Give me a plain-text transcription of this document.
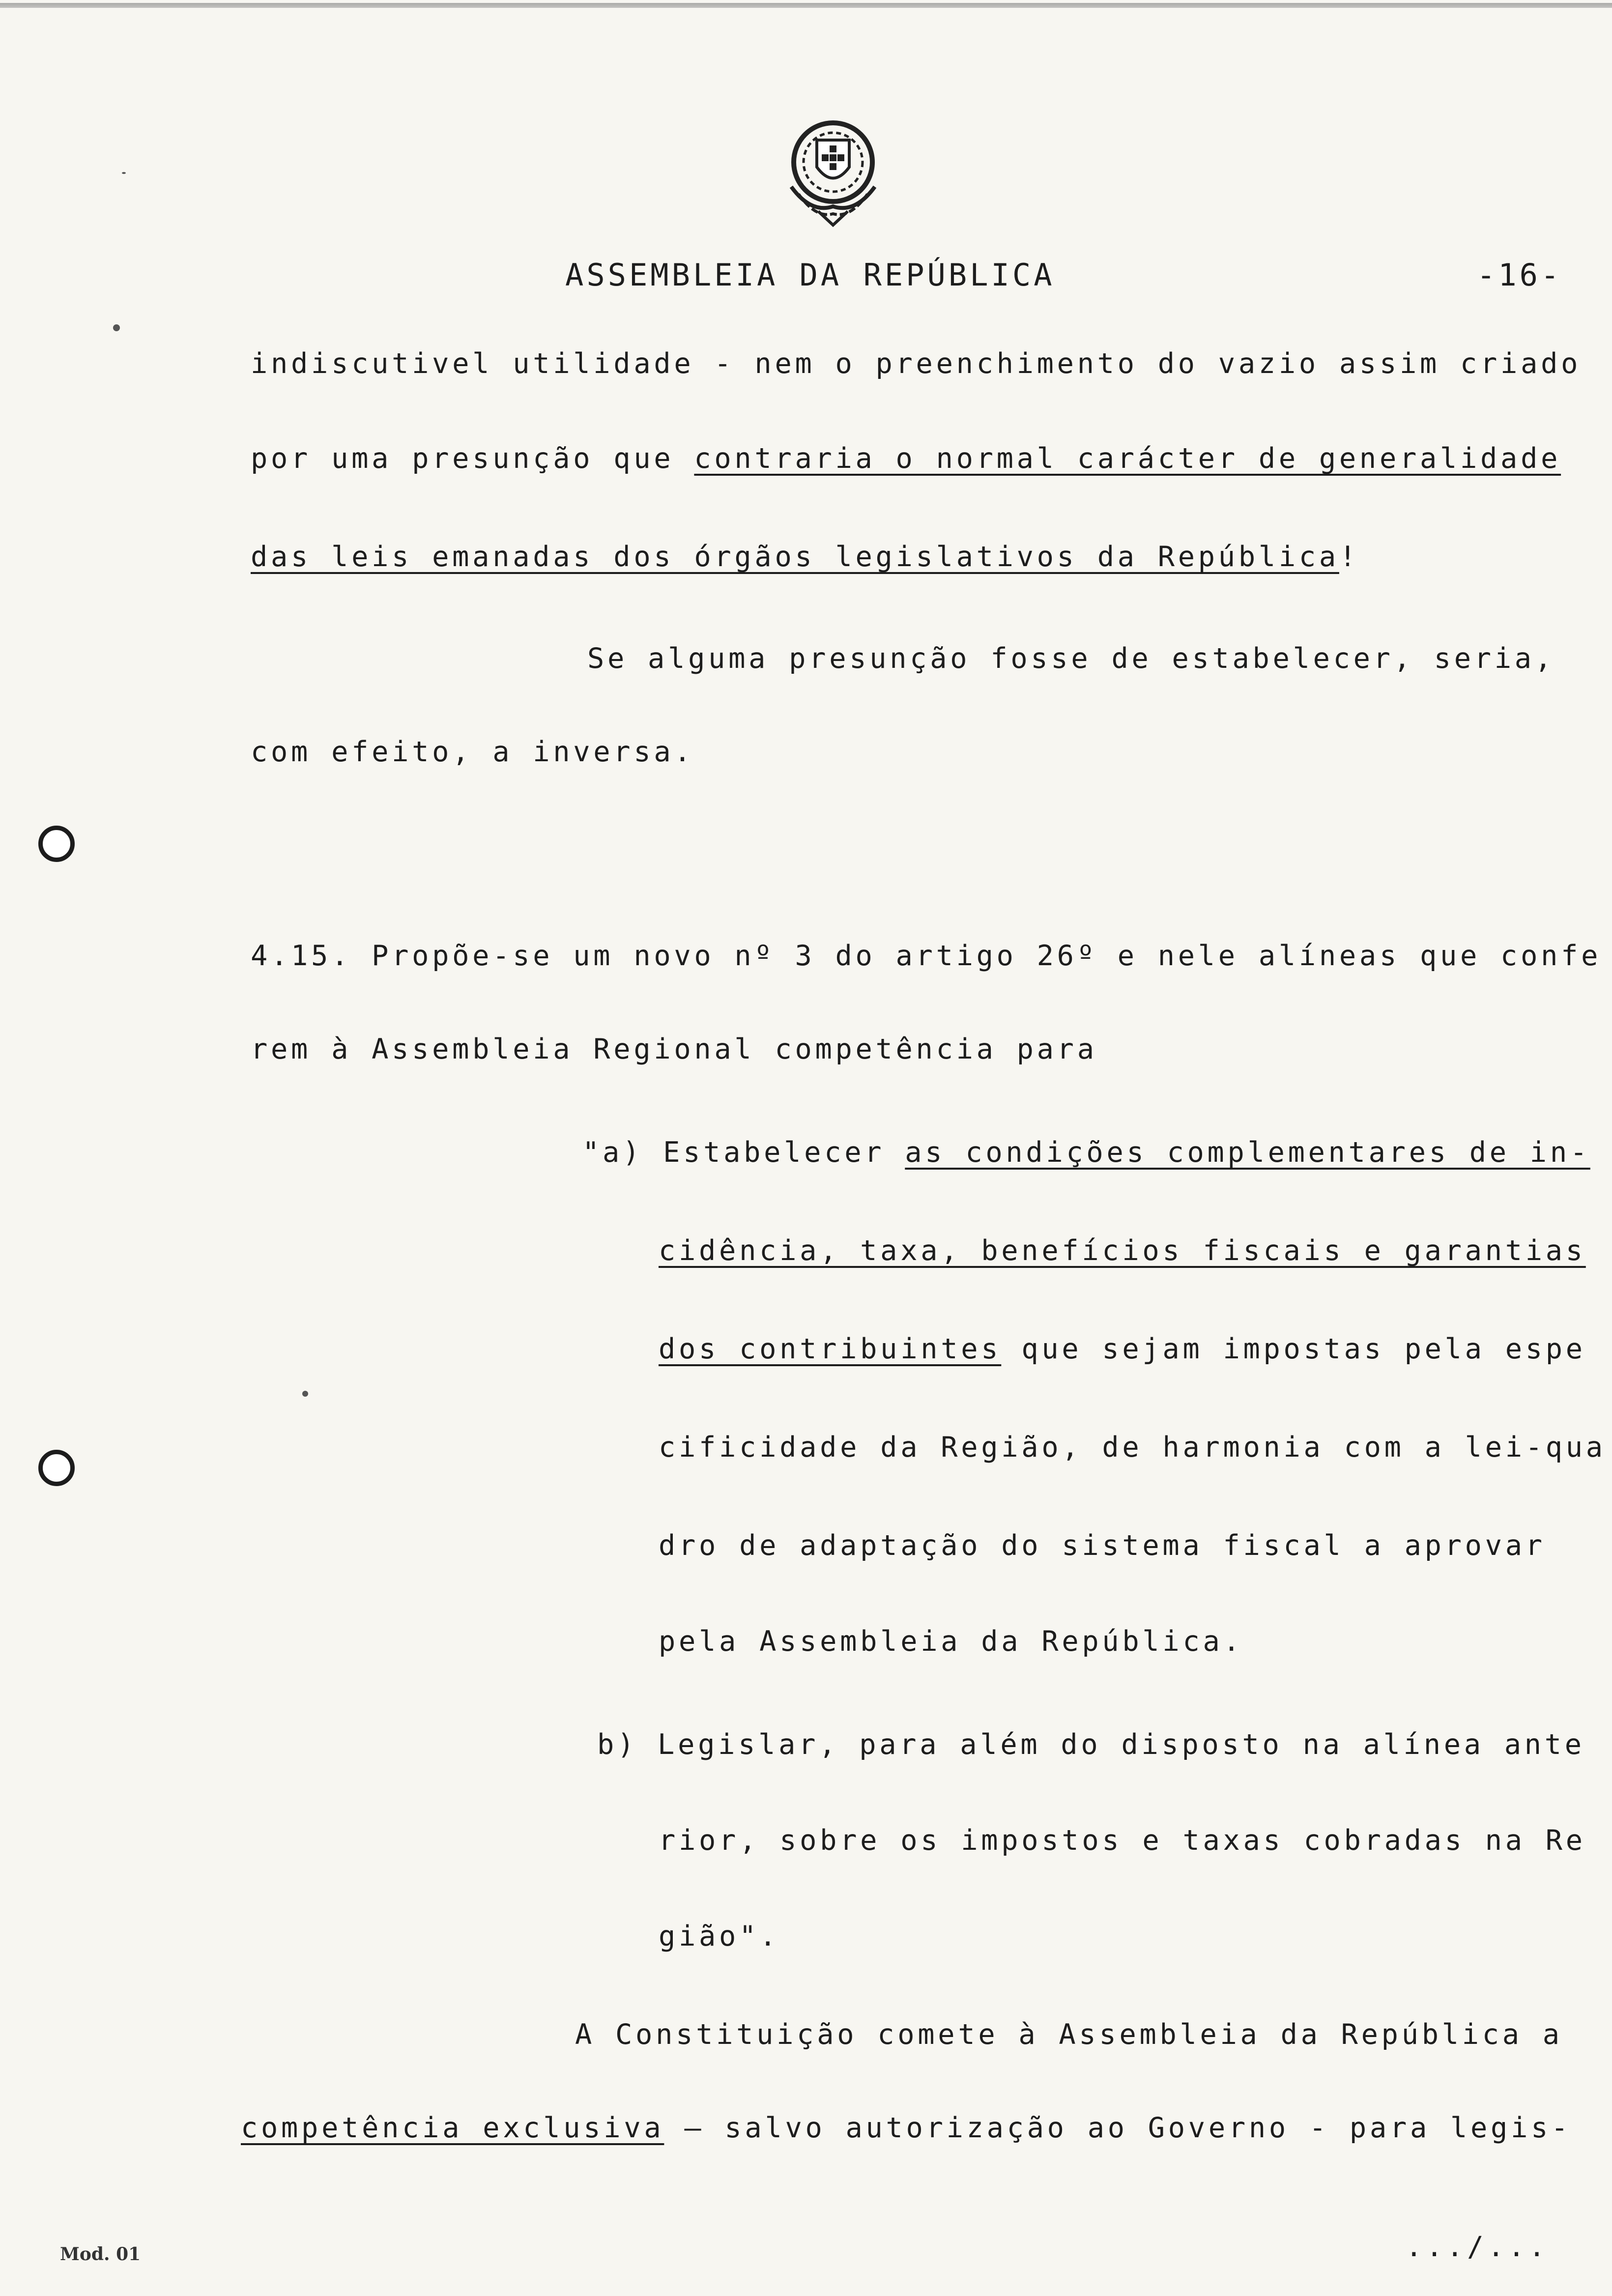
ASSEMBLEIA DA REPÚBLICA	-16-
indiscutivel utilidade - nem o preenchimento do vazio assim criado
por uma presunção que contraria o normal carácter de generalidade
das leis emanadas dos órgãos legislativos da República!
Se alguma presunção fosse de estabelecer, seria,
com efeito, a inversa.
4.15. Propõe-se um novo nº 3 do artigo 26º e nele alíneas que confe
rem à Assembleia Regional competência para
"a) Estabelecer as condições complementares de in-
cidência, taxa, benefícios fiscais e garantias
dos contribuintes que sejam impostas pela espe
cificidade da Região, de harmonia com a lei-qua
dro de adaptação do sistema fiscal a aprovar
pela Assembleia da República.
b) Legislar, para além do disposto na alínea ante
rior, sobre os impostos e taxas cobradas na Re
gião".
A Constituição comete à Assembleia da República a
competência exclusiva — salvo autorização ao Governo - para legis-
Mod. 01	.../...
